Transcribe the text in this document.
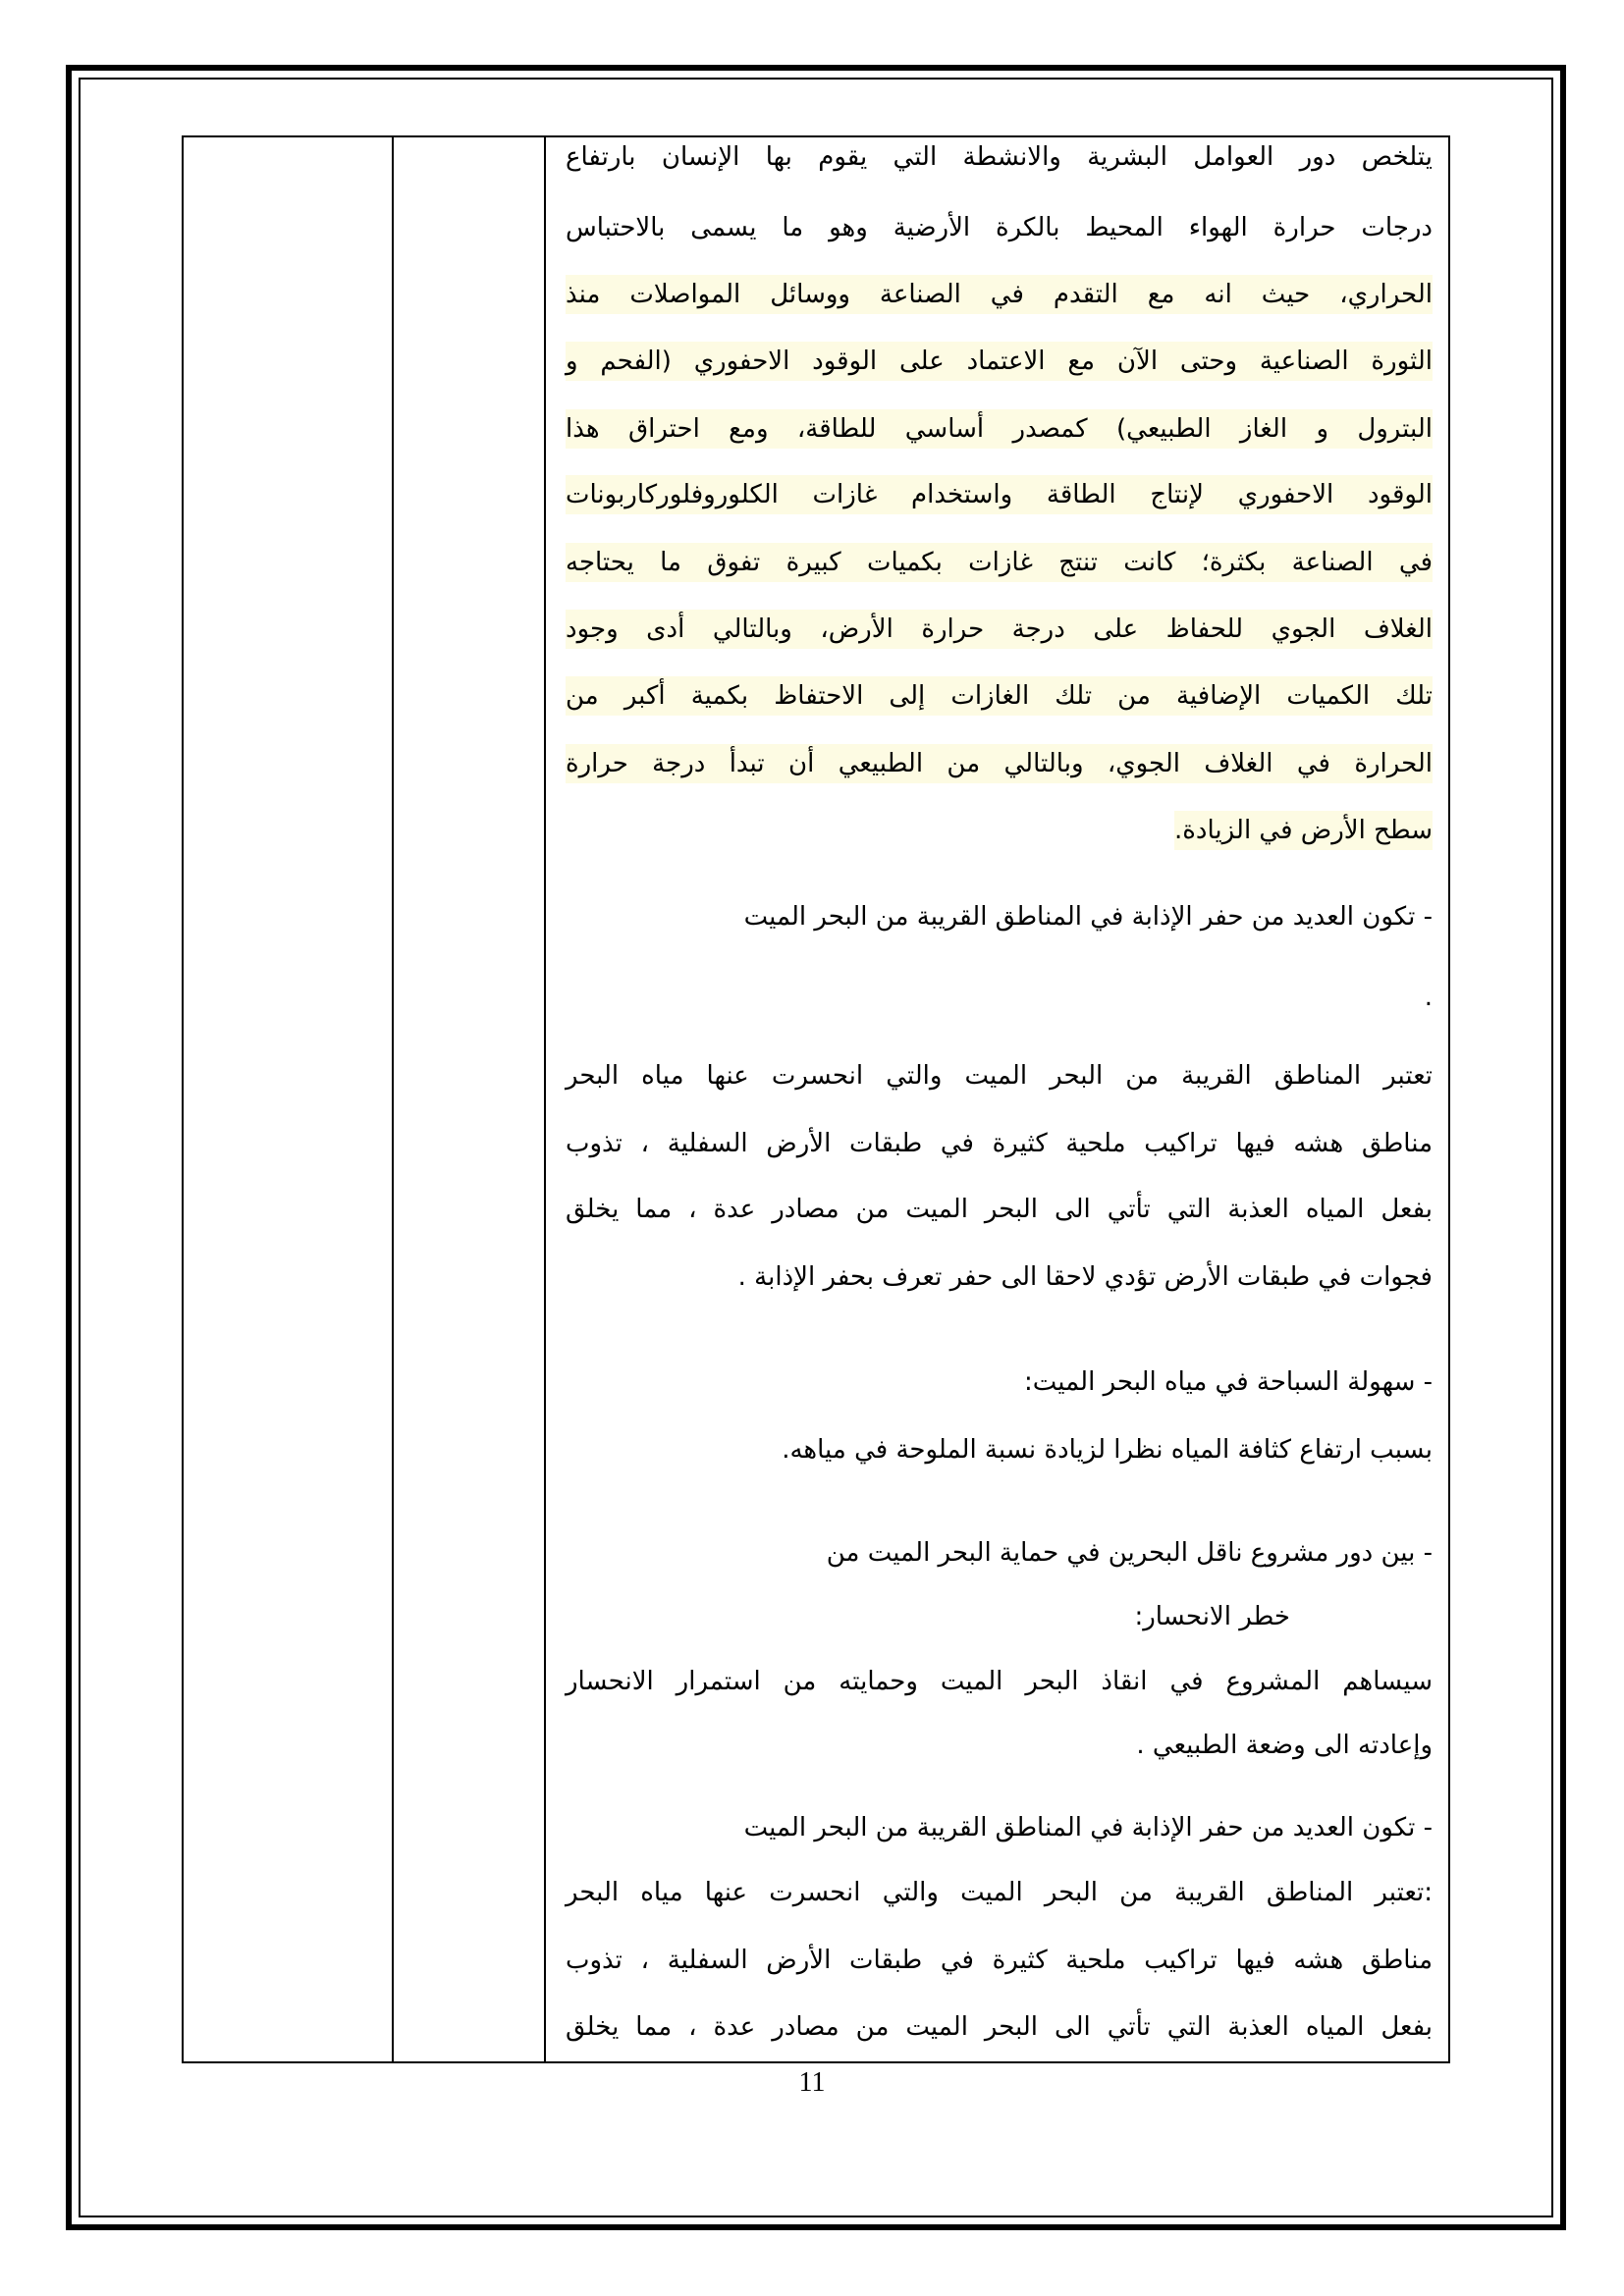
يتلخص دور العوامل البشرية والانشطة التي يقوم بها الإنسان بارتفاع
درجات حرارة الهواء المحيط بالكرة الأرضية وهو ما يسمى بالاحتباس
الحراري، حيث انه مع التقدم في الصناعة ووسائل المواصلات منذ
الثورة الصناعية وحتى الآن مع الاعتماد على الوقود الاحفوري (الفحم و
البترول و الغاز الطبيعي) كمصدر أساسي للطاقة، ومع احتراق هذا
الوقود الاحفوري لإنتاج الطاقة واستخدام غازات الكلوروفلوركاربونات
في الصناعة بكثرة؛ كانت تنتج غازات بكميات كبيرة تفوق ما يحتاجه
الغلاف الجوي للحفاظ على درجة حرارة الأرض، وبالتالي أدى وجود
تلك الكميات الإضافية من تلك الغازات إلى الاحتفاظ بكمية أكبر من
الحرارة في الغلاف الجوي، وبالتالي من الطبيعي أن تبدأ درجة حرارة
سطح الأرض في الزيادة.
- تكون العديد من حفر الإذابة في المناطق القريبة من البحر الميت
.
تعتبر المناطق القريبة من البحر الميت والتي انحسرت عنها مياه البحر
مناطق هشه فيها تراكيب ملحية كثيرة في طبقات الأرض السفلية ، تذوب
بفعل المياه العذبة التي تأتي الى البحر الميت من مصادر عدة ، مما يخلق
فجوات في طبقات الأرض تؤدي لاحقا الى حفر تعرف بحفر الإذابة .
- سهولة السباحة في مياه البحر الميت:
بسبب ارتفاع كثافة المياه نظرا لزيادة نسبة الملوحة في مياهه.
- بين دور مشروع ناقل البحرين في حماية البحر الميت من
خطر الانحسار:
سيساهم المشروع في انقاذ البحر الميت وحمايته من استمرار الانحسار
وإعادته الى وضعة الطبيعي .
- تكون العديد من حفر الإذابة في المناطق القريبة من البحر الميت
:تعتبر المناطق القريبة من البحر الميت والتي انحسرت عنها مياه البحر
مناطق هشه فيها تراكيب ملحية كثيرة في طبقات الأرض السفلية ، تذوب
بفعل المياه العذبة التي تأتي الى البحر الميت من مصادر عدة ، مما يخلق
11
